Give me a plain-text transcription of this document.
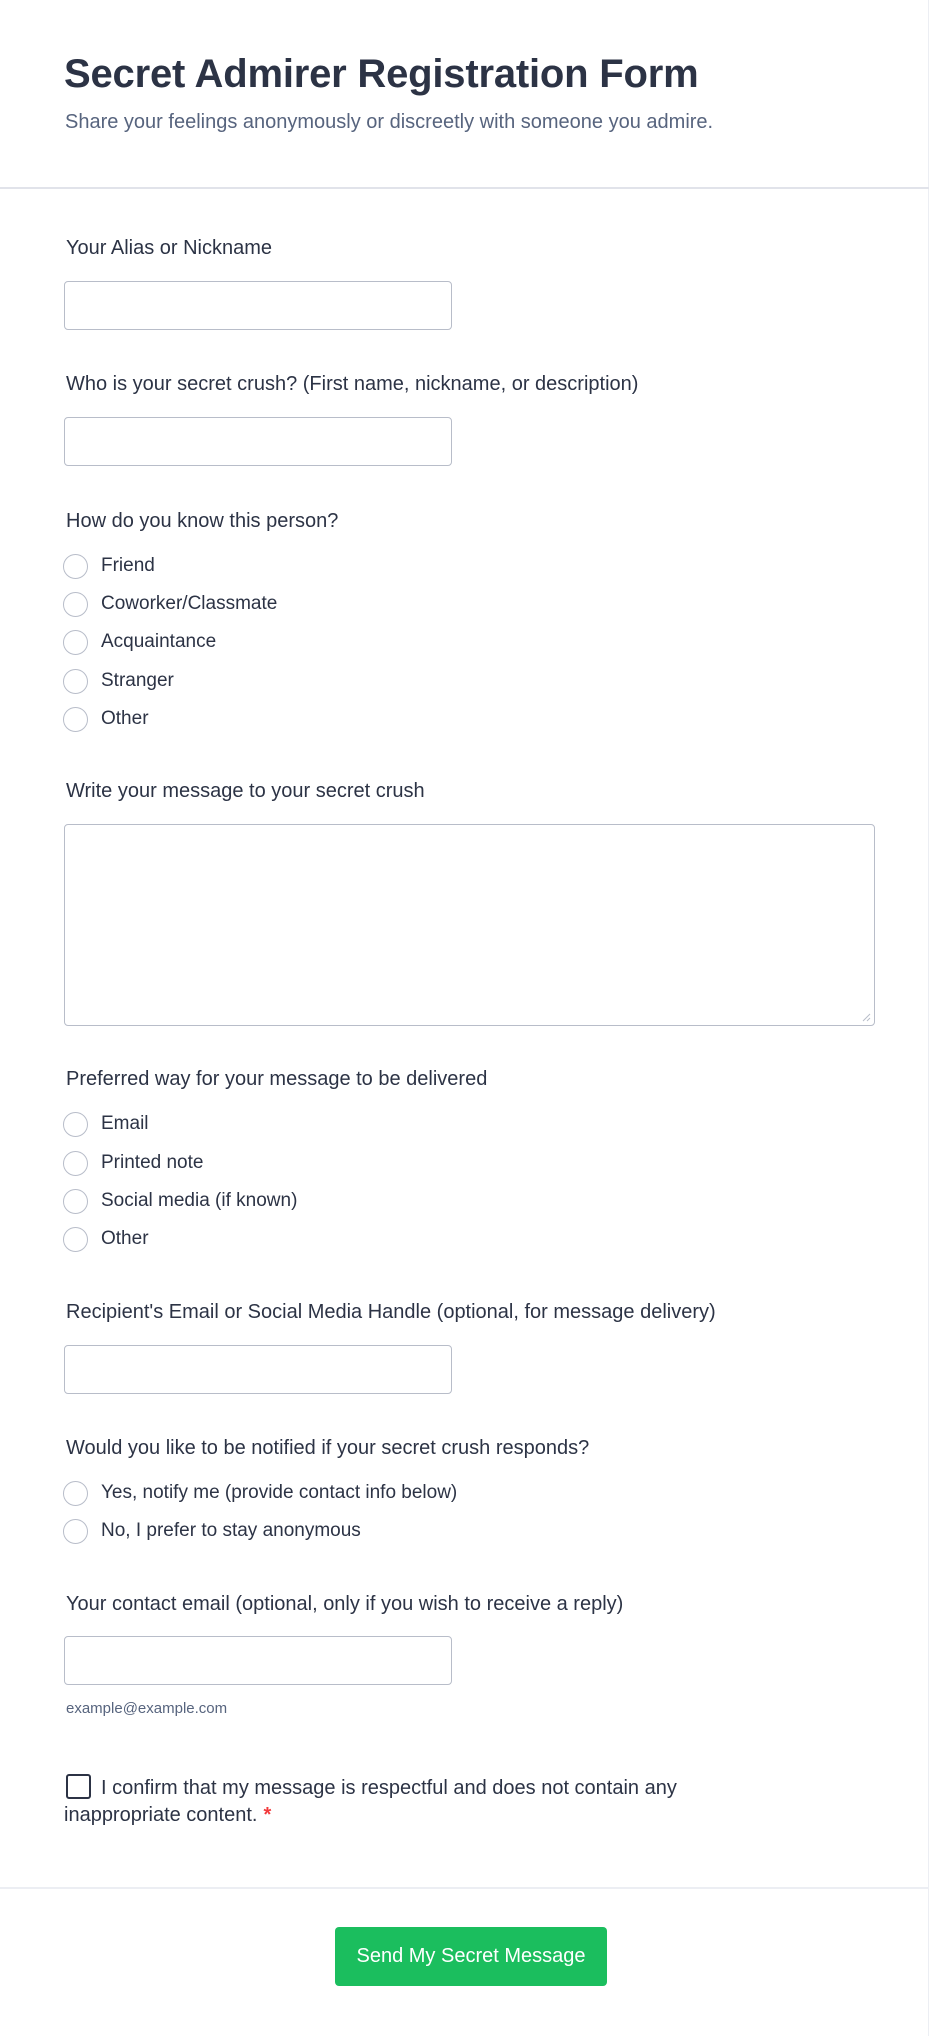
Secret Admirer Registration Form

Share your feelings anonymously or discreetly with someone you admire.

Your Alias or Nickname
Who is your secret crush? (First name, nickname, or description)
How do you know this person?
Friend
Coworker/Classmate
Acquaintance
Stranger
Other
Write your message to your secret crush
Preferred way for your message to be delivered
Email
Printed note
Social media (if known)
Other
Recipient's Email or Social Media Handle (optional, for message delivery)
Would you like to be notified if your secret crush responds?
Yes, notify me (provide contact info below)
No, I prefer to stay anonymous
Your contact email (optional, only if you wish to receive a reply)
example@example.com
I confirm that my message is respectful and does not contain any inappropriate content. *
Send My Secret Message
